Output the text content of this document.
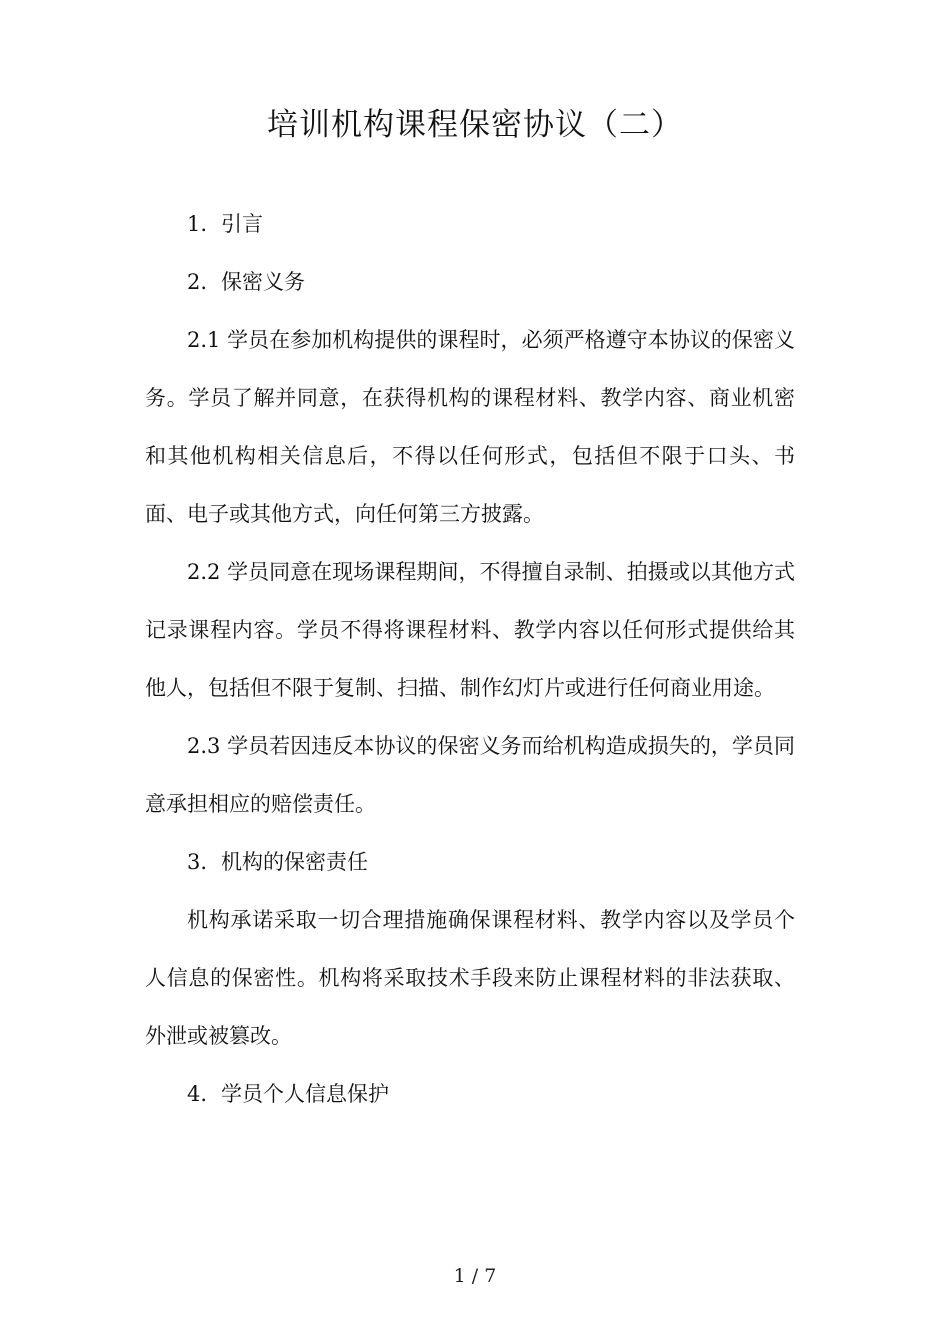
培训机构课程保密协议（二）

1. 引言

2. 保密义务

2.1 学员在参加机构提供的课程时，必须严格遵守本协议的保密义务。学员了解并同意，在获得机构的课程材料、教学内容、商业机密和其他机构相关信息后，不得以任何形式，包括但不限于口头、书面、电子或其他方式，向任何第三方披露。

2.2 学员同意在现场课程期间，不得擅自录制、拍摄或以其他方式记录课程内容。学员不得将课程材料、教学内容以任何形式提供给其他人，包括但不限于复制、扫描、制作幻灯片或进行任何商业用途。

2.3 学员若因违反本协议的保密义务而给机构造成损失的，学员同意承担相应的赔偿责任。

3. 机构的保密责任

机构承诺采取一切合理措施确保课程材料、教学内容以及学员个人信息的保密性。机构将采取技术手段来防止课程材料的非法获取、外泄或被篡改。

4. 学员个人信息保护

1 / 7
